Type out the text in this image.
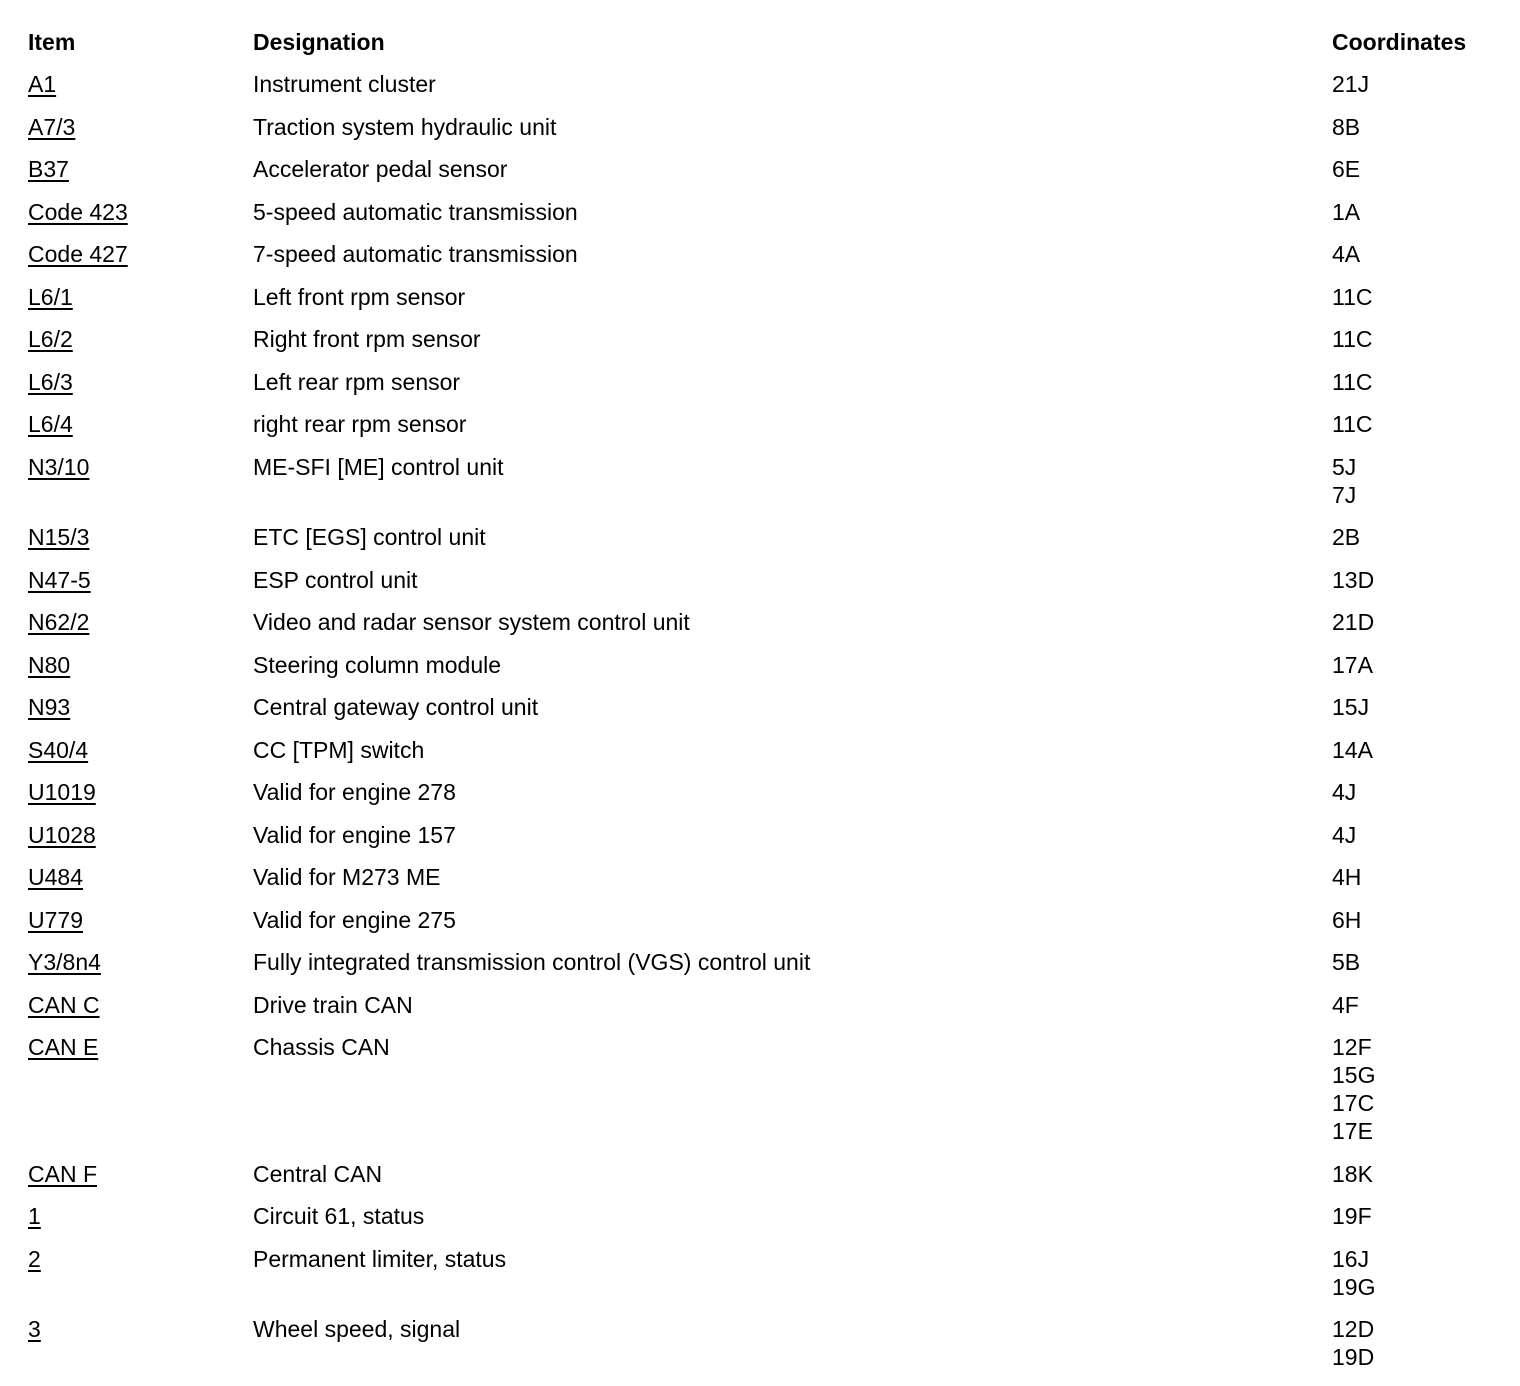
Item	Designation	Coordinates
A1	Instrument cluster	21J

A7/3	Traction system hydraulic unit	8B

B37	Accelerator pedal sensor	6E

Code 423	5-speed automatic transmission	1A

Code 427	7-speed automatic transmission	4A

L6/1	Left front rpm sensor	11C

L6/2	Right front rpm sensor	11C

L6/3	Left rear rpm sensor	11C

L6/4	right rear rpm sensor	11C

N3/10	ME-SFI [ME] control unit	5J
7J

N15/3	ETC [EGS] control unit	2B

N47-5	ESP control unit	13D

N62/2	Video and radar sensor system control unit	21D

N80	Steering column module	17A

N93	Central gateway control unit	15J

S40/4	CC [TPM] switch	14A

U1019	Valid for engine 278	4J

U1028	Valid for engine 157	4J

U484	Valid for M273 ME	4H

U779	Valid for engine 275	6H

Y3/8n4	Fully integrated transmission control (VGS) control unit	5B

CAN C	Drive train CAN	4F

CAN E	Chassis CAN	12F
15G
17C
17E

CAN F	Central CAN	18K

1	Circuit 61, status	19F

2	Permanent limiter, status	16J
19G

3	Wheel speed, signal	12D
19D
